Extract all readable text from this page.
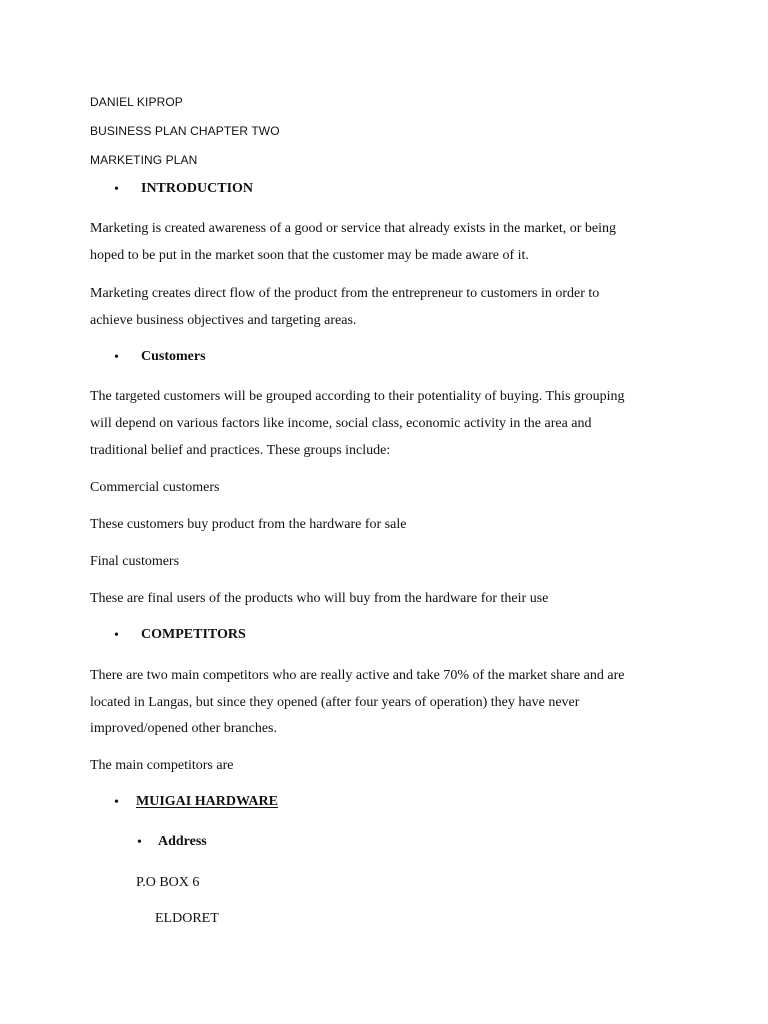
DANIEL KIPROP
BUSINESS PLAN CHAPTER TWO
MARKETING PLAN
• INTRODUCTION
Marketing is created awareness of a good or service that already exists in the market, or being
hoped to be put in the market soon that the customer may be made aware of it.
Marketing creates direct flow of the product from the entrepreneur to customers in order to
achieve business objectives and targeting areas.
• Customers
The targeted customers will be grouped according to their potentiality of buying. This grouping
will depend on various factors like income, social class, economic activity in the area and
traditional belief and practices. These groups include:
Commercial customers
These customers buy product from the hardware for sale
Final customers
These are final users of the products who will buy from the hardware for their use
• COMPETITORS
There are two main competitors who are really active and take 70% of the market share and are
located in Langas, but since they opened (after four years of operation) they have never
improved/opened other branches.
The main competitors are
• MUIGAI HARDWARE
• Address
P.O BOX 6
ELDORET
